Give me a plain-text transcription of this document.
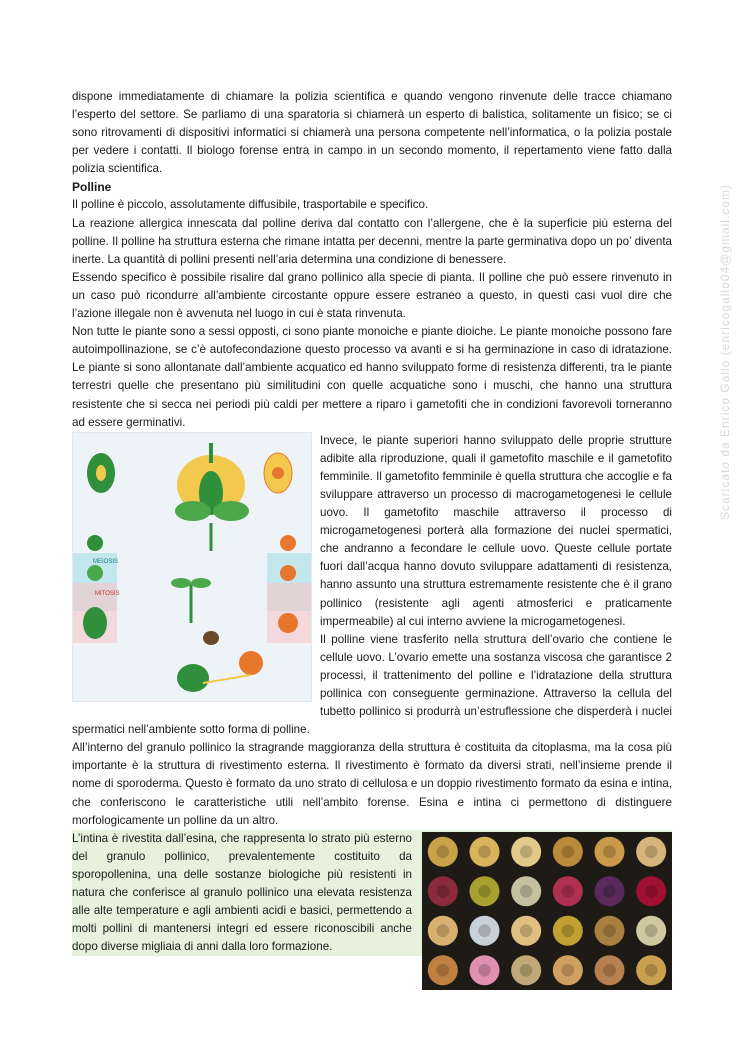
dispone immediatamente di chiamare la polizia scientifica e quando vengono rinvenute delle tracce chiamano l’esperto del settore. Se parliamo di una sparatoria si chiamerà un esperto di balistica, solitamente un fisico; se ci sono ritrovamenti di dispositivi informatici si chiamerà una persona competente nell’informatica, o la polizia postale per vedere i contatti. Il biologo forense entra in campo in un secondo momento, il repertamento viene fatto dalla polizia scientifica.

Polline

Il polline è piccolo, assolutamente diffusibile, trasportabile e specifico.

La reazione allergica innescata dal polline deriva dal contatto con l’allergene, che è la superficie più esterna del polline. Il polline ha struttura esterna che rimane intatta per decenni, mentre la parte germinativa dopo un po’ diventa inerte. La quantità di pollini presenti nell’aria determina una condizione di benessere.

Essendo specifico è possibile risalire dal grano pollinico alla specie di pianta. Il polline che può essere rinvenuto in un caso può ricondurre all’ambiente circostante oppure essere estraneo a questo, in questi casi vuol dire che l’azione illegale non è avvenuta nel luogo in cui è stata rinvenuta.

Non tutte le piante sono a sessi opposti, ci sono piante monoiche e piante dioiche. Le piante monoiche possono fare autoimpollinazione, se c’è autofecondazione questo processo va avanti e si ha germinazione in caso di idratazione. Le piante si sono allontanate dall’ambiente acquatico ed hanno sviluppato forme di resistenza differenti, tra le piante terrestri quelle che presentano più similitudini con quelle acquatiche sono i muschi, che hanno una struttura resistente che si secca nei periodi più caldi per mettere a riparo i gametofiti che in condizioni favorevoli torneranno ad essere germinativi.

MEIOSIS
MITOSIS

Invece, le piante superiori hanno sviluppato delle proprie strutture adibite alla riproduzione, quali il gametofito maschile e il gametofito femminile. Il gametofito femminile è quella struttura che accoglie e fa sviluppare attraverso un processo di macrogametogenesi le cellule uovo. Il gametofito maschile attraverso il processo di microgametogenesi porterà alla formazione dei nuclei spermatici, che andranno a fecondare le cellule uovo. Queste cellule portate fuori dall’acqua hanno dovuto sviluppare adattamenti di resistenza, hanno assunto una struttura estremamente resistente che è il grano pollinico (resistente agli agenti atmosferici e praticamente impermeabile) al cui interno avviene la microgametogenesi.

Il polline viene trasferito nella struttura dell’ovario che contiene le cellule uovo. L’ovario emette una sostanza viscosa che garantisce 2 processi, il trattenimento del polline e l’idratazione della struttura pollinica con conseguente germinazione. Attraverso la cellula del tubetto pollinico si produrrà un’estruflessione che disperderà i nuclei spermatici nell’ambiente sotto forma di polline.

All’interno del granulo pollinico la stragrande maggioranza della struttura è costituita da citoplasma, ma la cosa più importante è la struttura di rivestimento esterna. Il rivestimento è formato da diversi strati, nell’insieme prende il nome di sporoderma. Questo è formato da uno strato di cellulosa e un doppio rivestimento formato da esina e intina, che conferiscono le caratteristiche utili nell’ambito forense. Esina e intina ci permettono di distinguere morfologicamente un polline da un altro.

L’intina è rivestita dall’esina, che rappresenta lo strato più esterno del granulo pollinico, prevalentemente costituito da sporopollenina, una delle sostanze biologiche più resistenti in natura che conferisce al granulo pollinico una elevata resistenza alle alte temperature e agli ambienti acidi e basici, permettendo a molti pollini di mantenersi integri ed essere riconoscibili anche dopo diverse migliaia di anni dalla loro formazione.

Scaricato da Enrico Gallo (enricogallo04@gmail.com)
